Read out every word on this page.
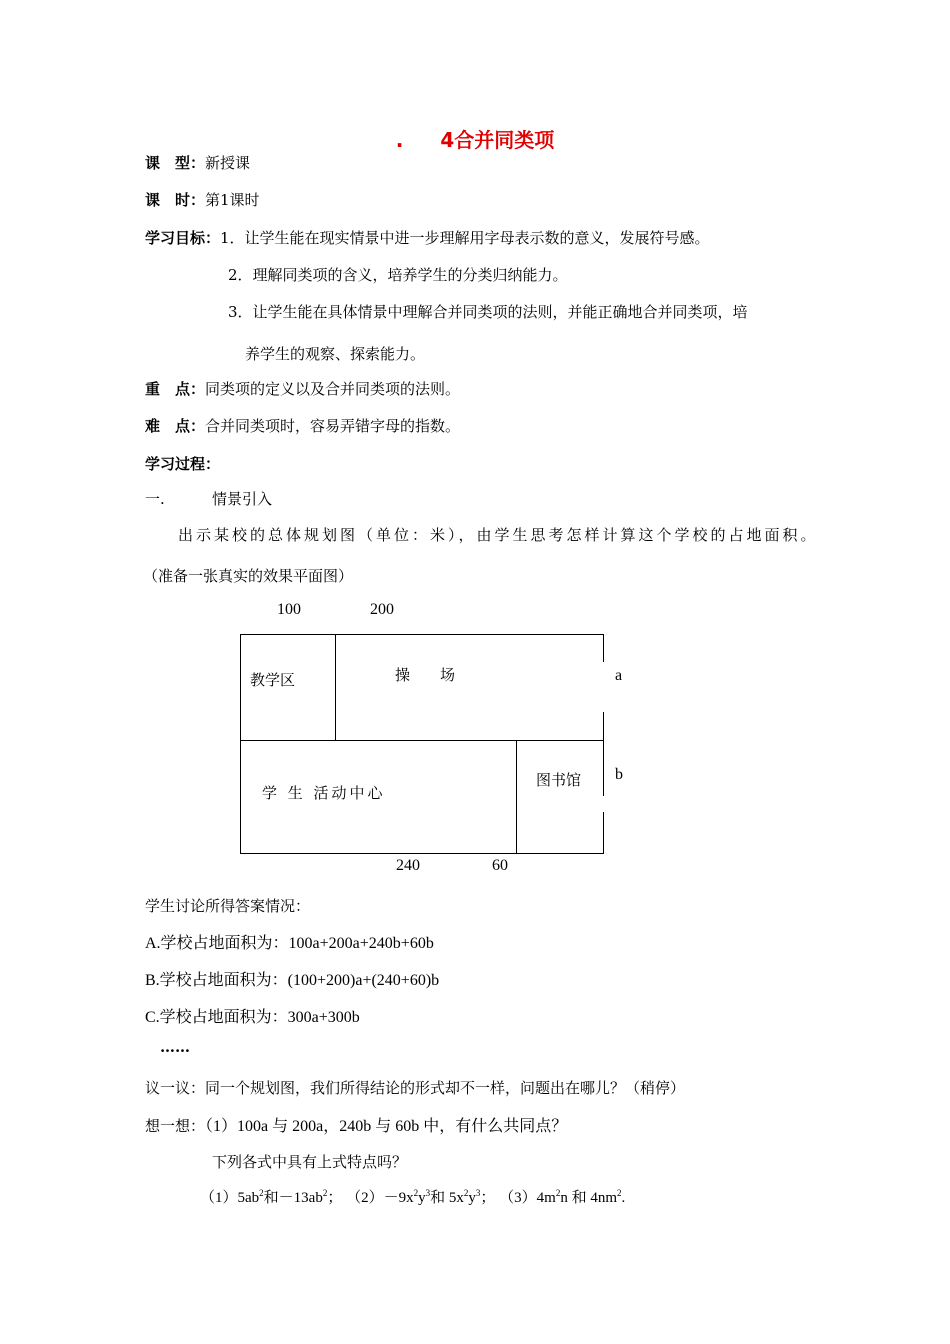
. 4合并同类项
课　型：新授课
课　时：第1课时
学习目标：1．让学生能在现实情景中进一步理解用字母表示数的意义，发展符号感。
2．理解同类项的含义，培养学生的分类归纳能力。
3．让学生能在具体情景中理解合并同类项的法则，并能正确地合并同类项，培
养学生的观察、探索能力。
重　点：同类项的定义以及合并同类项的法则。
难　点：合并同类项时，容易弄错字母的指数。
学习过程：
一.	情景引入
出示某校的总体规划图（单位：米），由学生思考怎样计算这个学校的占地面积。
（准备一张真实的效果平面图）
100	200
教学区	操　　场
学 生 活动中心
图书馆
a
b
240	60
学生讨论所得答案情况：
A.学校占地面积为：100a+200a+240b+60b
B.学校占地面积为：(100+200)a+(240+60)b
C.学校占地面积为：300a+300b
……
议一议：同一个规划图，我们所得结论的形式却不一样，问题出在哪儿？（稍停）
想一想：（1）100a 与 200a，240b 与 60b 中，有什么共同点？
下列各式中具有上式特点吗？
$(1)5ab^2$和$-13ab^2$； $(2)-9x^2y^3$和 $5x^2y^3$； $(3)4m^2n$ 和 $4nm^2$.
